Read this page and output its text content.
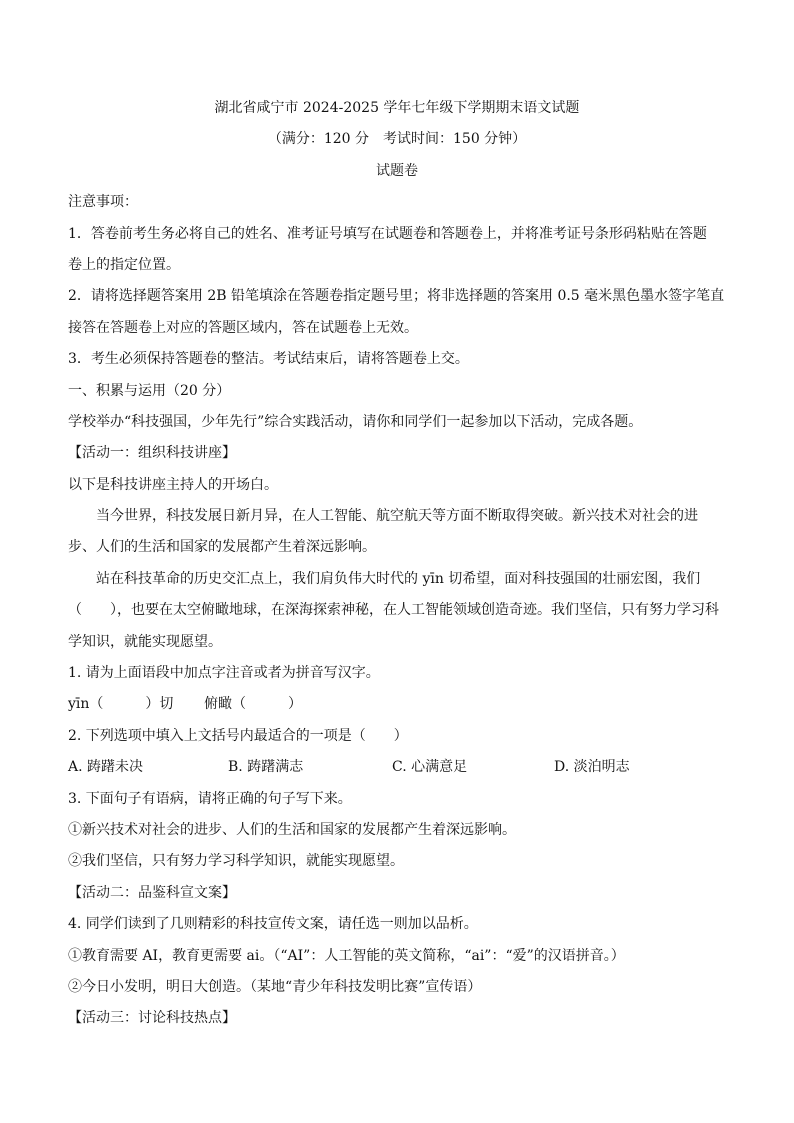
湖北省咸宁市 2024-2025 学年七年级下学期期末语文试题

（满分：120 分　考试时间：150 分钟）

试题卷

注意事项：

1．答卷前考生务必将自己的姓名、准考证号填写在试题卷和答题卷上，并将准考证号条形码粘贴在答题

卷上的指定位置。

2．请将选择题答案用 2B 铅笔填涂在答题卷指定题号里；将非选择题的答案用 0.5 毫米黑色墨水签字笔直

接答在答题卷上对应的答题区域内，答在试题卷上无效。

3．考生必须保持答题卷的整洁。考试结束后，请将答题卷上交。

一、积累与运用（20 分）

学校举办“科技强国，少年先行”综合实践活动，请你和同学们一起参加以下活动，完成各题。

【活动一：组织科技讲座】

以下是科技讲座主持人的开场白。

当今世界，科技发展日新月异，在人工智能、航空航天等方面不断取得突破。新兴技术对社会的进

步、人们的生活和国家的发展都产生着深远影响。

站在科技革命的历史交汇点上，我们肩负伟大时代的 yīn 切希望，面对科技强国的壮丽宏图，我们

（　　），也要在太空俯瞰地球，在深海探索神秘，在人工智能领域创造奇迹。我们坚信，只有努力学习科

学知识，就能实现愿望。

1. 请为上面语段中加点字注音或者为拼音写汉字。

yīn（　　　）切 俯瞰（　　　）

2. 下列选项中填入上文括号内最适合的一项是（　　）

A. 踌躇未决	B. 踌躇满志	C. 心满意足	D. 淡泊明志

3. 下面句子有语病，请将正确的句子写下来。

①新兴技术对社会的进步、人们的生活和国家的发展都产生着深远影响。

②我们坚信，只有努力学习科学知识，就能实现愿望。

【活动二：品鉴科宣文案】

4. 同学们读到了几则精彩的科技宣传文案，请任选一则加以品析。

①教育需要 AI，教育更需要 ai。（“AI”：人工智能的英文简称，“ai”：“爱”的汉语拼音。）

②今日小发明，明日大创造。（某地“青少年科技发明比赛”宣传语）

【活动三：讨论科技热点】
